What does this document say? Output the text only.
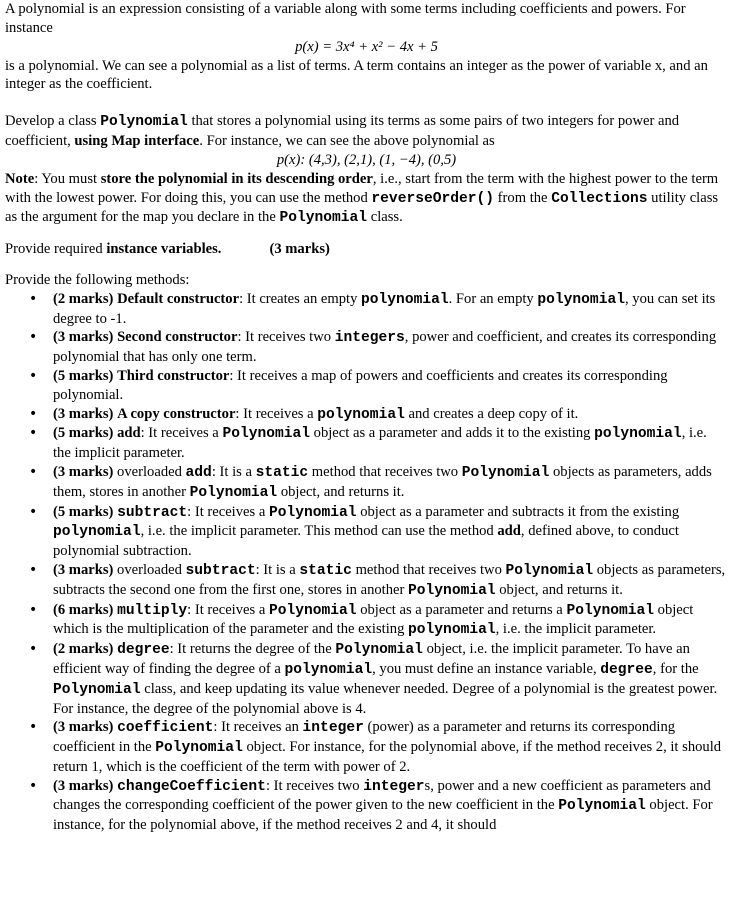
A polynomial is an expression consisting of a variable along with some terms including coefficients and powers. For instance

p(x) = 3x⁴ + x² − 4x + 5

is a polynomial. We can see a polynomial as a list of terms. A term contains an integer as the power of variable x, and an integer as the coefficient.

Develop a class Polynomial that stores a polynomial using its terms as some pairs of two integers for power and coefficient, using Map interface. For instance, we can see the above polynomial as

p(x): (4,3), (2,1), (1, −4), (0,5)

Note: You must store the polynomial in its descending order, i.e., start from the term with the highest power to the term with the lowest power. For doing this, you can use the method reverseOrder() from the Collections utility class as the argument for the map you declare in the Polynomial class.

Provide required instance variables.	(3 marks)

Provide the following methods:

•	(2 marks) Default constructor: It creates an empty polynomial. For an empty polynomial, you can set its degree to -1.
•	(3 marks) Second constructor: It receives two integers, power and coefficient, and creates its corresponding polynomial that has only one term.
•	(5 marks) Third constructor: It receives a map of powers and coefficients and creates its corresponding polynomial.
•	(3 marks) A copy constructor: It receives a polynomial and creates a deep copy of it.
•	(5 marks) add: It receives a Polynomial object as a parameter and adds it to the existing polynomial, i.e. the implicit parameter.
•	(3 marks) overloaded add: It is a static method that receives two Polynomial objects as parameters, adds them, stores in another Polynomial object, and returns it.
•	(5 marks) subtract: It receives a Polynomial object as a parameter and subtracts it from the existing polynomial, i.e. the implicit parameter. This method can use the method add, defined above, to conduct polynomial subtraction.
•	(3 marks) overloaded subtract: It is a static method that receives two Polynomial objects as parameters, subtracts the second one from the first one, stores in another Polynomial object, and returns it.
•	(6 marks) multiply: It receives a Polynomial object as a parameter and returns a Polynomial object which is the multiplication of the parameter and the existing polynomial, i.e. the implicit parameter.
•	(2 marks) degree: It returns the degree of the Polynomial object, i.e. the implicit parameter. To have an efficient way of finding the degree of a polynomial, you must define an instance variable, degree, for the Polynomial class, and keep updating its value whenever needed. Degree of a polynomial is the greatest power. For instance, the degree of the polynomial above is 4.
•	(3 marks) coefficient: It receives an integer (power) as a parameter and returns its corresponding coefficient in the Polynomial object. For instance, for the polynomial above, if the method receives 2, it should return 1, which is the coefficient of the term with power of 2.
•	(3 marks) changeCoefficient: It receives two integers, power and a new coefficient as parameters and changes the corresponding coefficient of the power given to the new coefficient in the Polynomial object. For instance, for the polynomial above, if the method receives 2 and 4, it should
